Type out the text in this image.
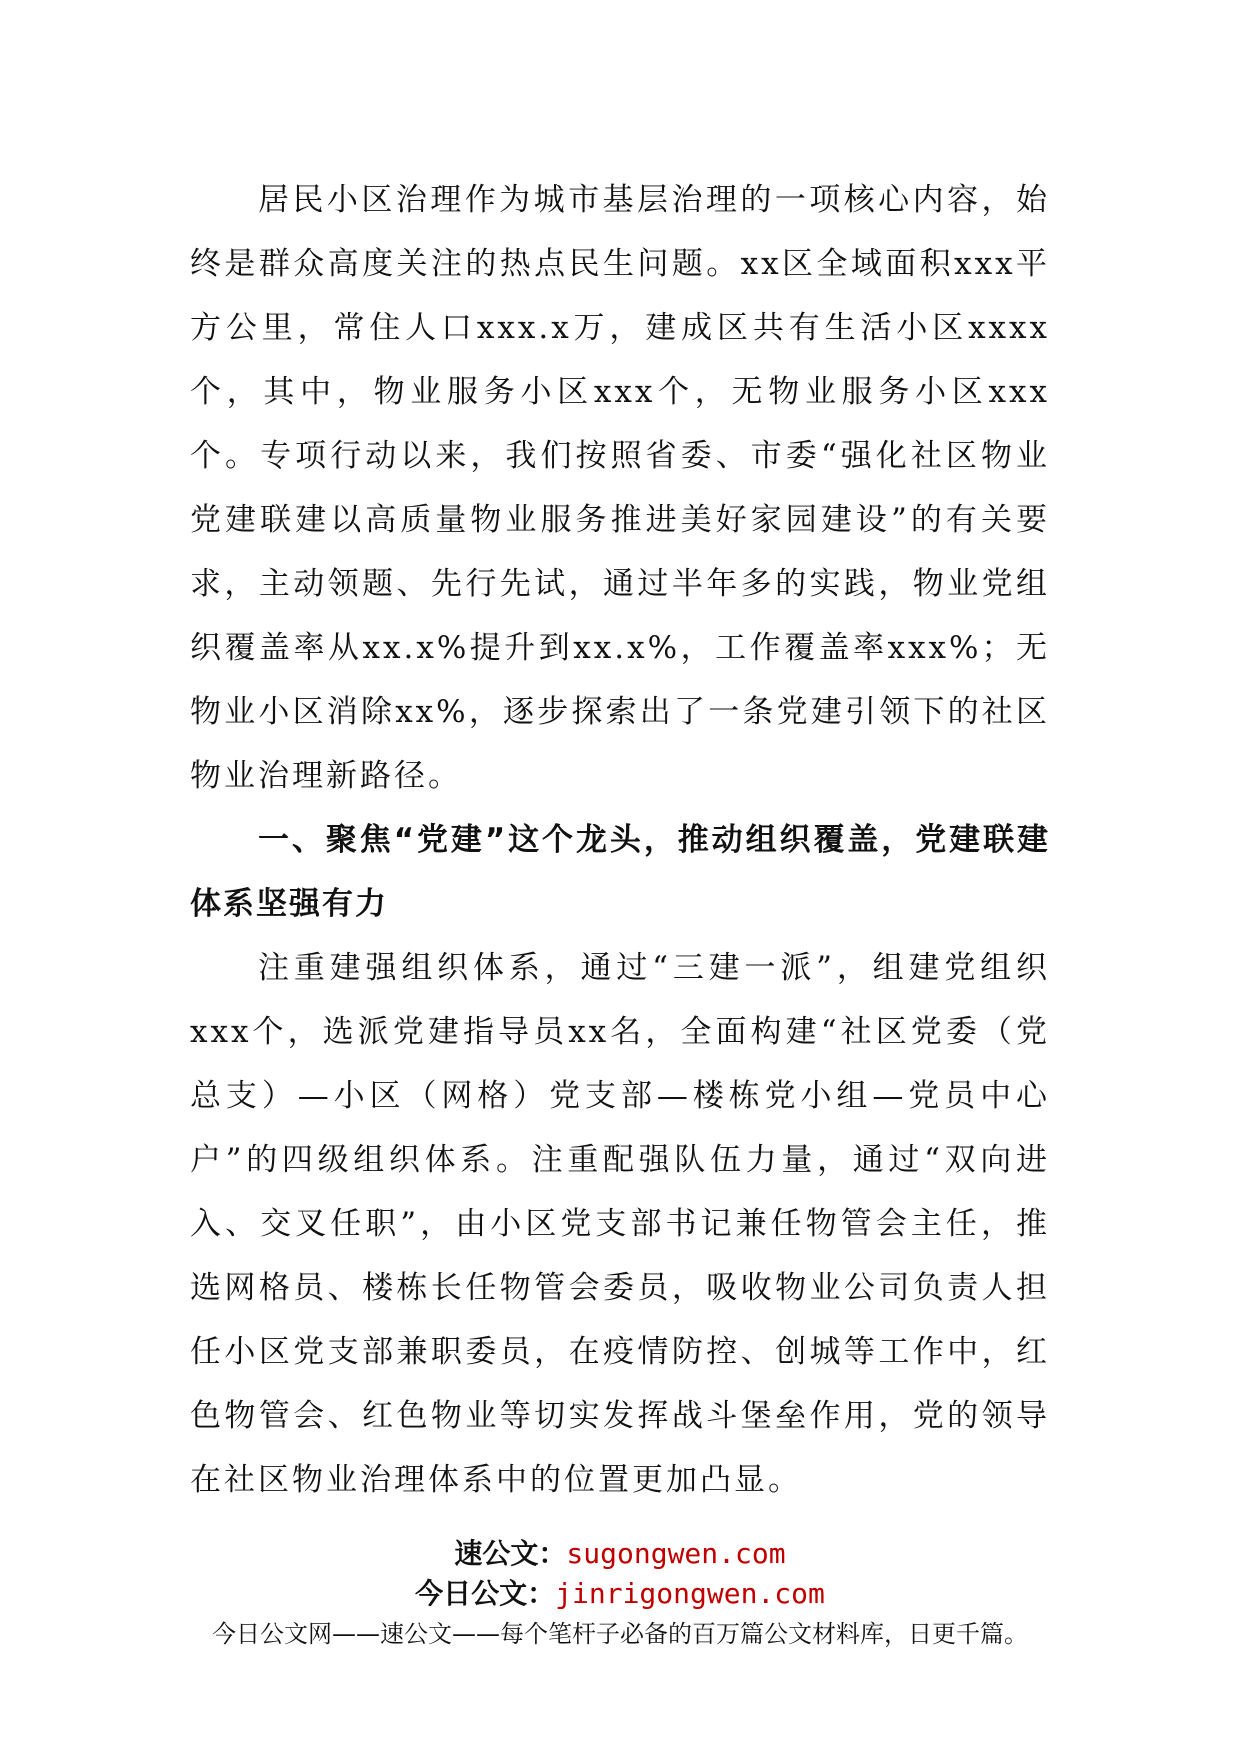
居民小区治理作为城市基层治理的一项核心内容，始终是群众高度关注的热点民生问题。xx区全域面积xxx平方公里，常住人口xxx.x万，建成区共有生活小区xxxx个，其中，物业服务小区xxx个，无物业服务小区xxx个。专项行动以来，我们按照省委、市委“强化社区物业党建联建以高质量物业服务推进美好家园建设”的有关要求，主动领题、先行先试，通过半年多的实践，物业党组织覆盖率从xx.x%提升到xx.x%，工作覆盖率xxx%；无物业小区消除xx%，逐步探索出了一条党建引领下的社区物业治理新路径。

一、聚焦“党建”这个龙头，推动组织覆盖，党建联建体系坚强有力

注重建强组织体系，通过“三建一派”，组建党组织xxx个，选派党建指导员xx名，全面构建“社区党委（党总支）—小区（网格）党支部—楼栋党小组—党员中心户”的四级组织体系。注重配强队伍力量，通过“双向进入、交叉任职”，由小区党支部书记兼任物管会主任，推选网格员、楼栋长任物管会委员，吸收物业公司负责人担任小区党支部兼职委员，在疫情防控、创城等工作中，红色物管会、红色物业等切实发挥战斗堡垒作用，党的领导在社区物业治理体系中的位置更加凸显。

速公文：sugongwen.com
今日公文：jinrigongwen.com
今日公文网——速公文——每个笔杆子必备的百万篇公文材料库，日更千篇。
